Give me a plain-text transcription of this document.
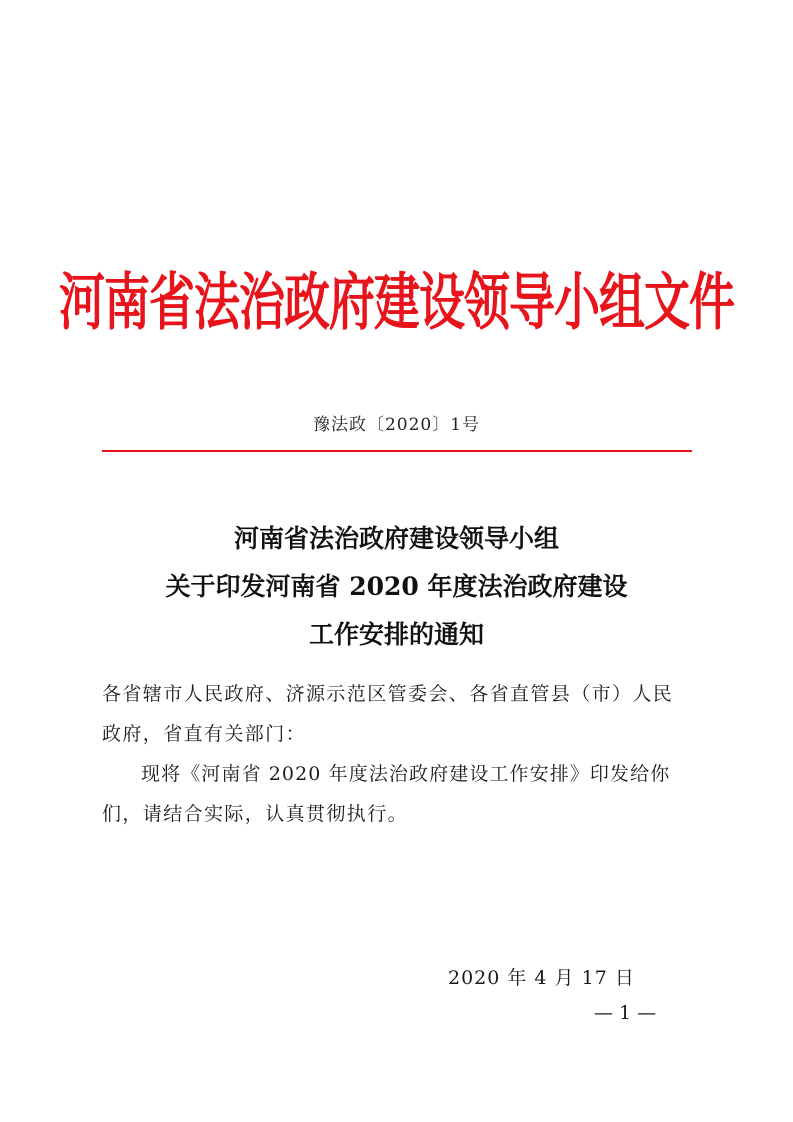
河南省法治政府建设领导小组文件
豫法政〔2020〕1号
河南省法治政府建设领导小组
关于印发河南省 2020 年度法治政府建设
工作安排的通知
各省辖市人民政府、济源示范区管委会、各省直管县（市）人民
政府，省直有关部门：
现将《河南省 2020 年度法治政府建设工作安排》印发给你
们，请结合实际，认真贯彻执行。
2020 年 4 月 17 日
— 1 —
